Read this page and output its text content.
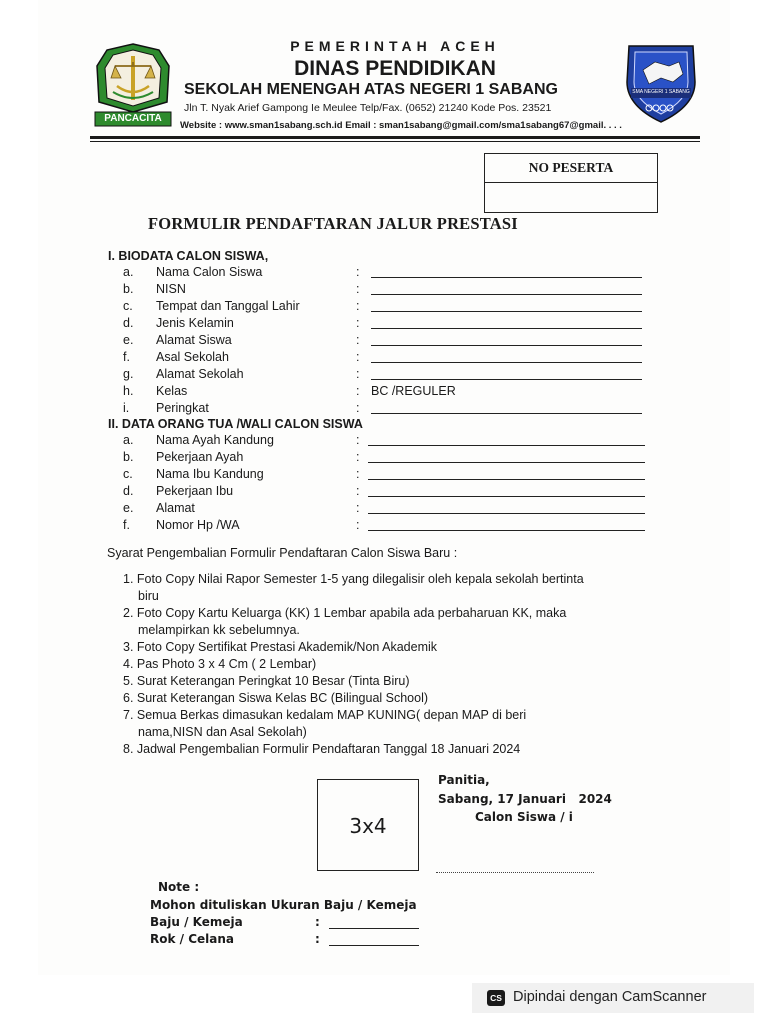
PANCACITA
SMA NEGERI 1 SABANG
PEMERINTAH ACEH
DINAS PENDIDIKAN
SEKOLAH MENENGAH ATAS NEGERI 1 SABANG
Jln T. Nyak Arief Gampong Ie Meulee Telp/Fax. (0652) 21240 Kode Pos. 23521
Website : www.sman1sabang.sch.id Email : sman1sabang@gmail.com/sma1sabang67@gmail. . . .
NO PESERTA
FORMULIR PENDAFTARAN JALUR PRESTASI
I. BIODATA CALON SISWA,
a. Nama Calon Siswa	:
b. NISN	:
c. Tempat dan Tanggal Lahir	:
d. Jenis Kelamin	:
e. Alamat Siswa	:
f. Asal Sekolah	:
g. Alamat Sekolah	:
h. Kelas	: BC /REGULER
i. Peringkat	:
II. DATA ORANG TUA /WALI CALON SISWA
a. Nama Ayah Kandung	:
b. Pekerjaan Ayah	:
c. Nama Ibu Kandung	:
d. Pekerjaan Ibu	:
e. Alamat	:
f. Nomor Hp /WA	:
Syarat Pengembalian Formulir Pendaftaran Calon Siswa Baru :
1. Foto Copy Nilai Rapor Semester 1-5 yang dilegalisir oleh kepala sekolah bertinta
biru
2. Foto Copy Kartu Keluarga (KK) 1 Lembar apabila ada perbaharuan KK, maka
melampirkan kk sebelumnya.
3. Foto Copy Sertifikat Prestasi Akademik/Non Akademik
4. Pas Photo 3 x 4 Cm ( 2 Lembar)
5. Surat Keterangan Peringkat 10 Besar (Tinta Biru)
6. Surat Keterangan Siswa Kelas BC (Bilingual School)
7. Semua Berkas dimasukan kedalam MAP KUNING( depan MAP di beri
nama,NISN dan Asal Sekolah)
8. Jadwal Pengembalian Formulir Pendaftaran Tanggal 18 Januari 2024
3x4
Panitia,
Sabang, 17 Januari   2024
Calon Siswa / i
Note :
Mohon dituliskan Ukuran Baju / Kemeja
Baju / Kemeja	:
Rok / Celana	:
CS Dipindai dengan CamScanner
